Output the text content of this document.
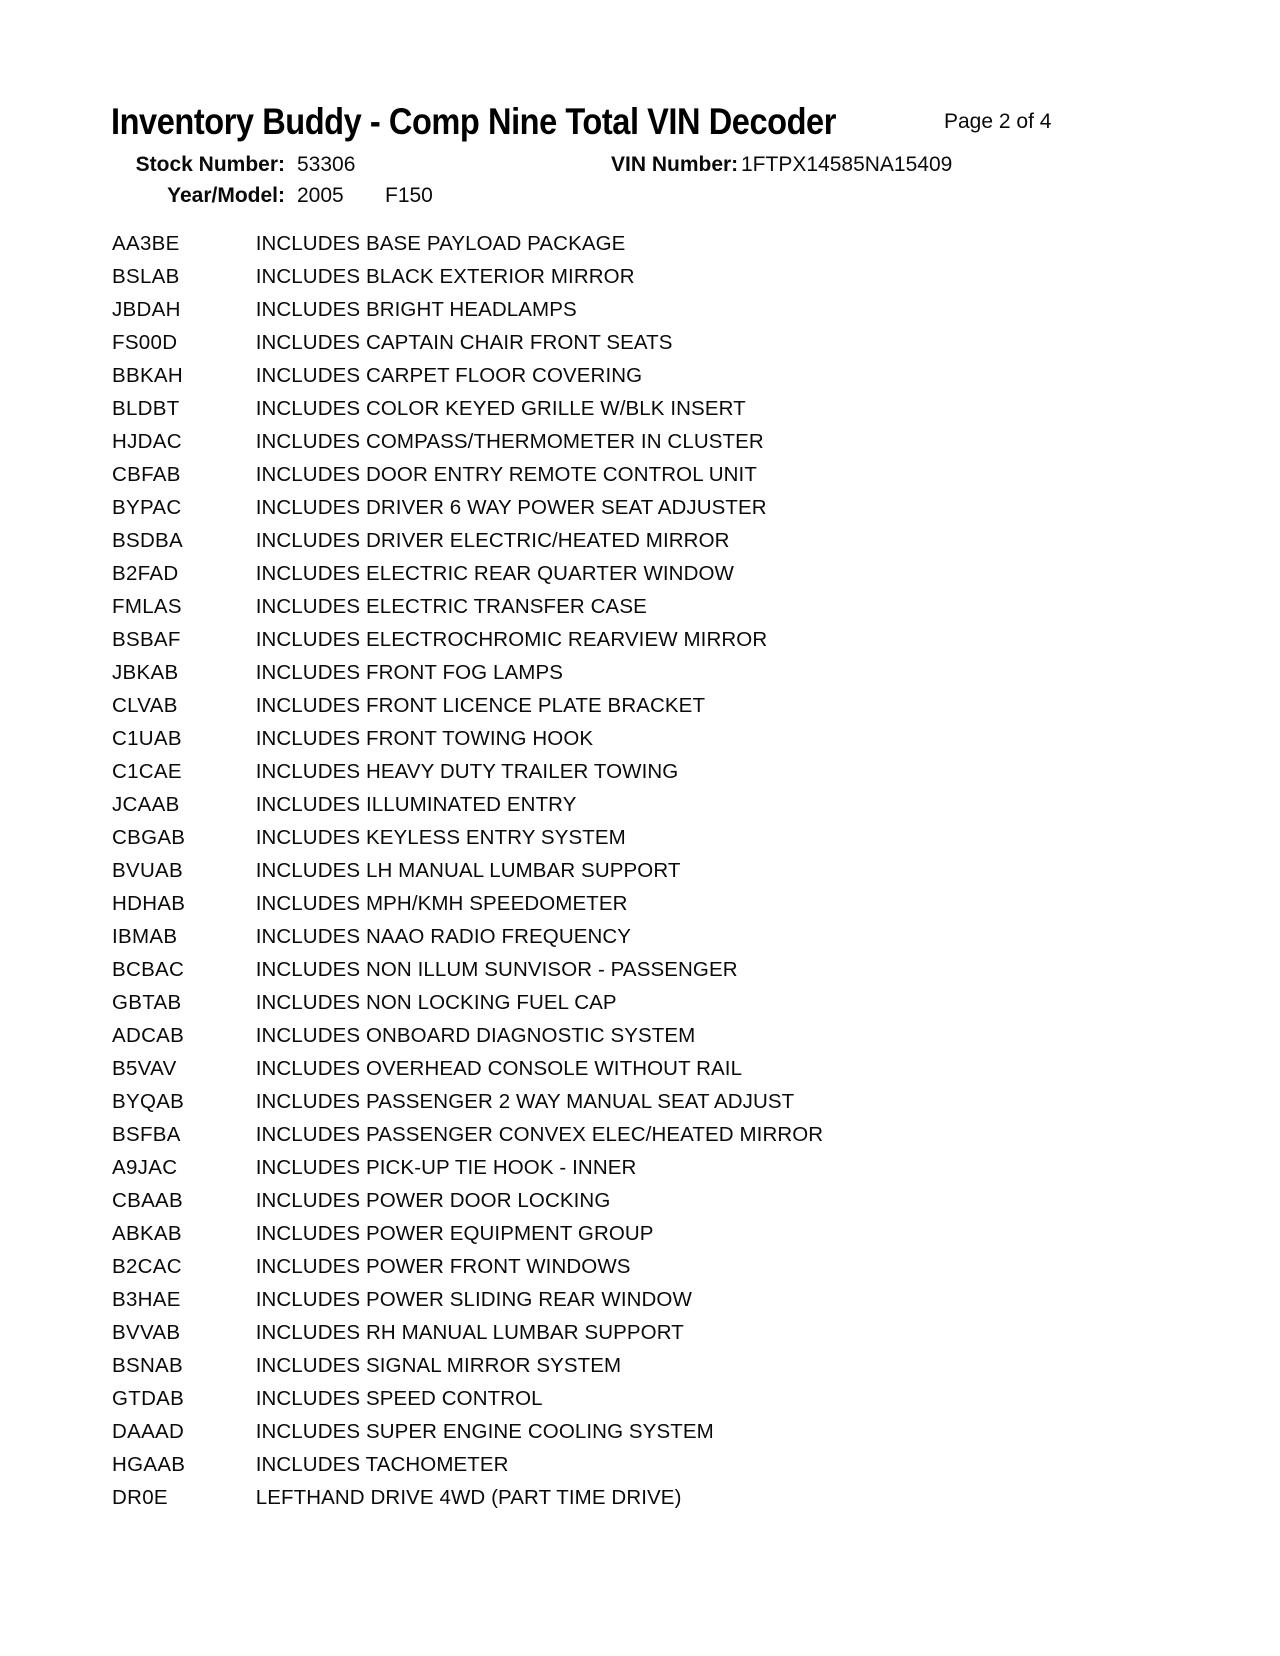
Inventory Buddy - Comp Nine Total VIN Decoder	Page 2 of 4
Stock Number: 53306	VIN Number: 1FTPX14585NA15409
Year/Model: 2005 F150
AA3BE	INCLUDES BASE PAYLOAD PACKAGE
BSLAB	INCLUDES BLACK EXTERIOR MIRROR
JBDAH	INCLUDES BRIGHT HEADLAMPS
FS00D	INCLUDES CAPTAIN CHAIR FRONT SEATS
BBKAH	INCLUDES CARPET FLOOR COVERING
BLDBT	INCLUDES COLOR KEYED GRILLE W/BLK INSERT
HJDAC	INCLUDES COMPASS/THERMOMETER IN CLUSTER
CBFAB	INCLUDES DOOR ENTRY REMOTE CONTROL UNIT
BYPAC	INCLUDES DRIVER 6 WAY POWER SEAT ADJUSTER
BSDBA	INCLUDES DRIVER ELECTRIC/HEATED MIRROR
B2FAD	INCLUDES ELECTRIC REAR QUARTER WINDOW
FMLAS	INCLUDES ELECTRIC TRANSFER CASE
BSBAF	INCLUDES ELECTROCHROMIC REARVIEW MIRROR
JBKAB	INCLUDES FRONT FOG LAMPS
CLVAB	INCLUDES FRONT LICENCE PLATE BRACKET
C1UAB	INCLUDES FRONT TOWING HOOK
C1CAE	INCLUDES HEAVY DUTY TRAILER TOWING
JCAAB	INCLUDES ILLUMINATED ENTRY
CBGAB	INCLUDES KEYLESS ENTRY SYSTEM
BVUAB	INCLUDES LH MANUAL LUMBAR SUPPORT
HDHAB	INCLUDES MPH/KMH SPEEDOMETER
IBMAB	INCLUDES NAAO RADIO FREQUENCY
BCBAC	INCLUDES NON ILLUM SUNVISOR - PASSENGER
GBTAB	INCLUDES NON LOCKING FUEL CAP
ADCAB	INCLUDES ONBOARD DIAGNOSTIC SYSTEM
B5VAV	INCLUDES OVERHEAD CONSOLE WITHOUT RAIL
BYQAB	INCLUDES PASSENGER 2 WAY MANUAL SEAT ADJUST
BSFBA	INCLUDES PASSENGER CONVEX ELEC/HEATED MIRROR
A9JAC	INCLUDES PICK-UP TIE HOOK - INNER
CBAAB	INCLUDES POWER DOOR LOCKING
ABKAB	INCLUDES POWER EQUIPMENT GROUP
B2CAC	INCLUDES POWER FRONT WINDOWS
B3HAE	INCLUDES POWER SLIDING REAR WINDOW
BVVAB	INCLUDES RH MANUAL LUMBAR SUPPORT
BSNAB	INCLUDES SIGNAL MIRROR SYSTEM
GTDAB	INCLUDES SPEED CONTROL
DAAAD	INCLUDES SUPER ENGINE COOLING SYSTEM
HGAAB	INCLUDES TACHOMETER
DR0E	LEFTHAND DRIVE 4WD (PART TIME DRIVE)
